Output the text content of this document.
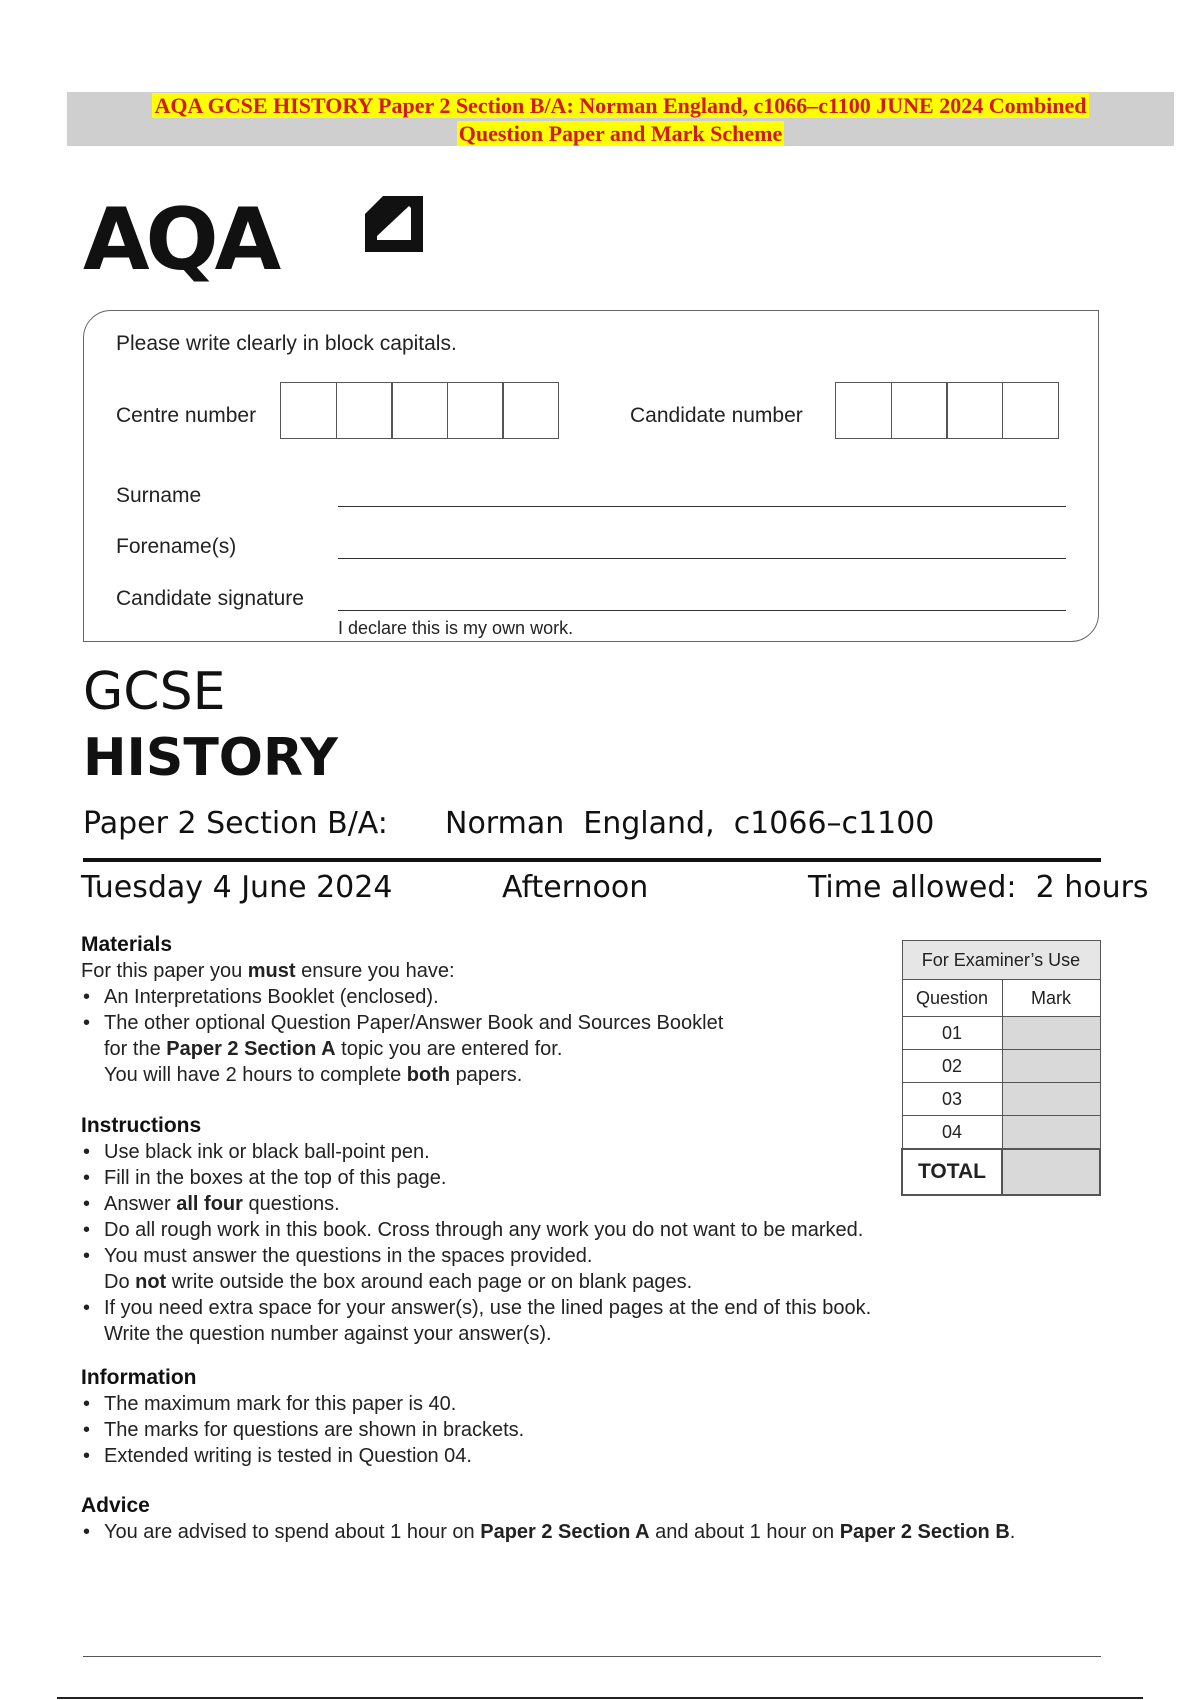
AQA GCSE HISTORY Paper 2 Section B/A: Norman England, c1066–c1100 JUNE 2024 Combined
Question Paper and Mark Scheme
AQA
Please write clearly in block capitals.
Centre number	Candidate number
Surname
Forename(s)
Candidate signature
I declare this is my own work.
GCSE
HISTORY
Paper 2 Section B/A: Norman  England,  c1066–c1100
Tuesday 4 June 2024	Afternoon	Time allowed:  2 hours
Materials

For this paper you must ensure you have:

• An Interpretations Booklet (enclosed).
• The other optional Question Paper/Answer Book and Sources Booklet
for the Paper 2 Section A topic you are entered for.
You will have 2 hours to complete both papers.
Instructions
• Use black ink or black ball-point pen.
• Fill in the boxes at the top of this page.
• Answer all four questions.
• Do all rough work in this book. Cross through any work you do not want to be marked.
• You must answer the questions in the spaces provided.
Do not write outside the box around each page or on blank pages.
• If you need extra space for your answer(s), use the lined pages at the end of this book.
Write the question number against your answer(s).
Information
• The maximum mark for this paper is 40.
• The marks for questions are shown in brackets.
• Extended writing is tested in Question 04.
Advice
• You are advised to spend about 1 hour on Paper 2 Section A and about 1 hour on Paper 2 Section B.
For Examiner’s Use	
Question	Mark
01	
02	
03	
04	
TOTAL	
